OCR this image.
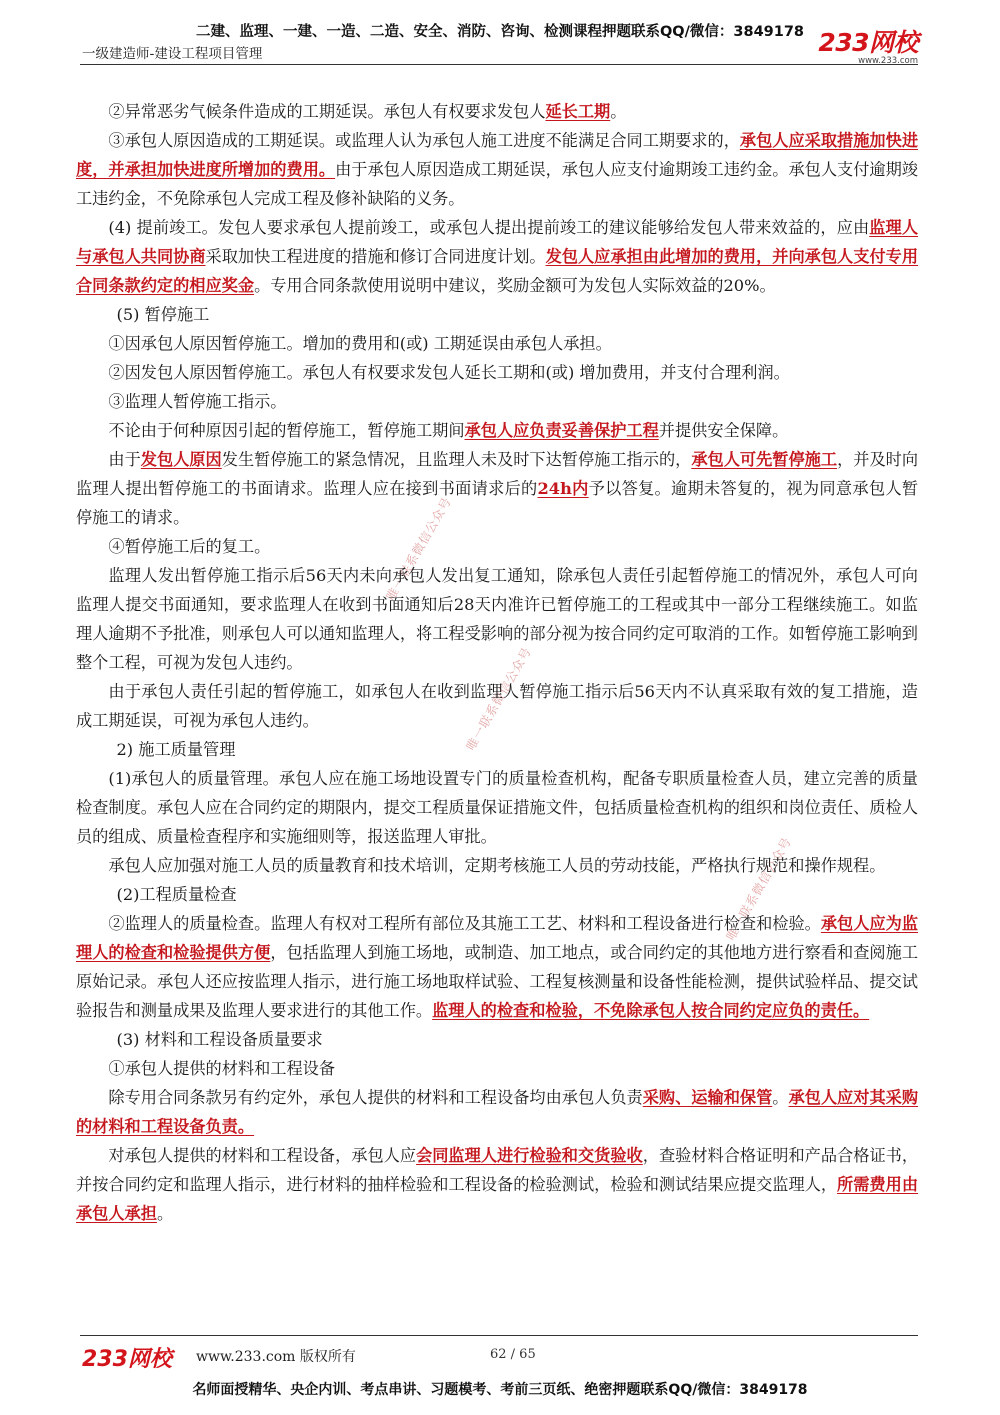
二建、监理、一建、一造、二造、安全、消防、咨询、检测课程押题联系QQ/微信：3849178
一级建造师-建设工程项目管理	233网校
www.233.com
唯一联系微信公众号
唯一联系微信公众号
唯一联系微信公众号

②异常恶劣气候条件造成的工期延误。承包人有权要求发包人延长工期。

③承包人原因造成的工期延误。或监理人认为承包人施工进度不能满足合同工期要求的，承包人应采取措施加快进度，并承担加快进度所增加的费用。由于承包人原因造成工期延误，承包人应支付逾期竣工违约金。承包人支付逾期竣工违约金，不免除承包人完成工程及修补缺陷的义务。

(4) 提前竣工。发包人要求承包人提前竣工，或承包人提出提前竣工的建议能够给发包人带来效益的，应由监理人与承包人共同协商采取加快工程进度的措施和修订合同进度计划。发包人应承担由此增加的费用，并向承包人支付专用合同条款约定的相应奖金。专用合同条款使用说明中建议，奖励金额可为发包人实际效益的20%。

(5) 暂停施工

①因承包人原因暂停施工。增加的费用和(或) 工期延误由承包人承担。

②因发包人原因暂停施工。承包人有权要求发包人延长工期和(或) 增加费用，并支付合理利润。

③监理人暂停施工指示。

不论由于何种原因引起的暂停施工，暂停施工期间承包人应负责妥善保护工程并提供安全保障。

由于发包人原因发生暂停施工的紧急情况，且监理人未及时下达暂停施工指示的，承包人可先暂停施工，并及时向监理人提出暂停施工的书面请求。监理人应在接到书面请求后的24h内予以答复。逾期未答复的，视为同意承包人暂停施工的请求。

④暂停施工后的复工。

监理人发出暂停施工指示后56天内未向承包人发出复工通知，除承包人责任引起暂停施工的情况外，承包人可向监理人提交书面通知，要求监理人在收到书面通知后28天内准许已暂停施工的工程或其中一部分工程继续施工。如监理人逾期不予批准，则承包人可以通知监理人，将工程受影响的部分视为按合同约定可取消的工作。如暂停施工影响到整个工程，可视为发包人违约。

由于承包人责任引起的暂停施工，如承包人在收到监理人暂停施工指示后56天内不认真采取有效的复工措施，造成工期延误，可视为承包人违约。

2) 施工质量管理

(1)承包人的质量管理。承包人应在施工场地设置专门的质量检查机构，配备专职质量检查人员，建立完善的质量检查制度。承包人应在合同约定的期限内，提交工程质量保证措施文件，包括质量检查机构的组织和岗位责任、质检人员的组成、质量检查程序和实施细则等，报送监理人审批。

承包人应加强对施工人员的质量教育和技术培训，定期考核施工人员的劳动技能，严格执行规范和操作规程。

(2)工程质量检查

②监理人的质量检查。监理人有权对工程所有部位及其施工工艺、材料和工程设备进行检查和检验。承包人应为监理人的检查和检验提供方便，包括监理人到施工场地，或制造、加工地点，或合同约定的其他地方进行察看和查阅施工原始记录。承包人还应按监理人指示，进行施工场地取样试验、工程复核测量和设备性能检测，提供试验样品、提交试验报告和测量成果及监理人要求进行的其他工作。监理人的检查和检验，不免除承包人按合同约定应负的责任。

(3) 材料和工程设备质量要求

①承包人提供的材料和工程设备

除专用合同条款另有约定外，承包人提供的材料和工程设备均由承包人负责采购、运输和保管。承包人应对其采购的材料和工程设备负责。

对承包人提供的材料和工程设备，承包人应会同监理人进行检验和交货验收，查验材料合格证明和产品合格证书，并按合同约定和监理人指示，进行材料的抽样检验和工程设备的检验测试，检验和测试结果应提交监理人，所需费用由承包人承担。

233网校 www.233.com 版权所有	62 / 65
名师面授精华、央企内训、考点串讲、习题模考、考前三页纸、绝密押题联系QQ/微信：3849178
